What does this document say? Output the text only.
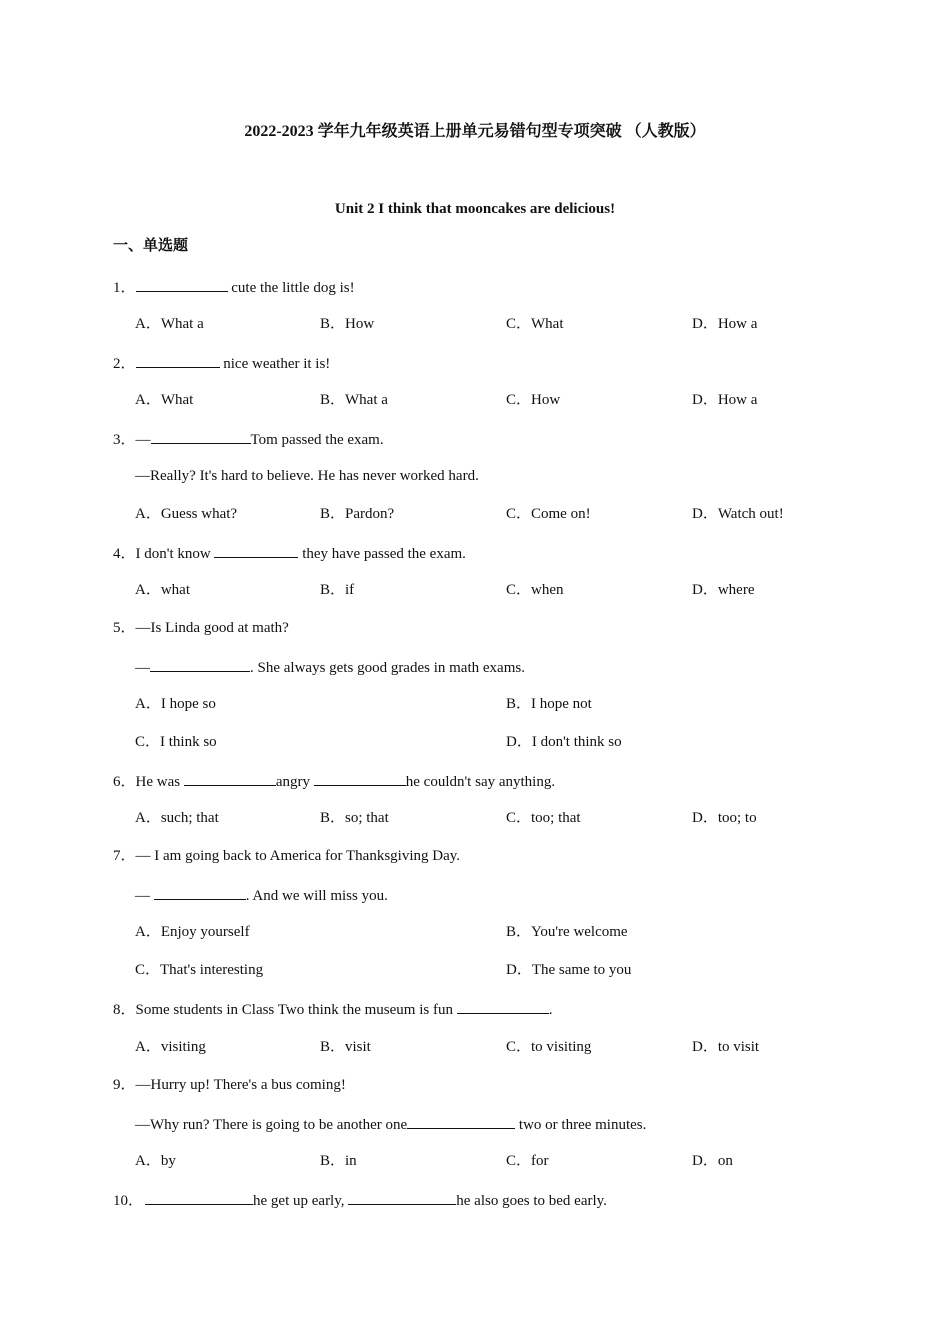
2022-2023 学年九年级英语上册单元易错句型专项突破 （人教版）
Unit 2 I think that mooncakes are delicious!
一、单选题
1．	cute the little dog is!
A．What a	B．How	C．What	D．How a
2．	nice weather it is!
A．What	B．What a	C．How	D．How a
3．—	Tom passed the exam.
—Really? It's hard to believe. He has never worked hard.
A．Guess what?	B．Pardon?	C．Come on!	D．Watch out!
4．I don't know	they have passed the exam.
A．what	B．if	C．when	D．where
5．—Is Linda good at math?
—	. She always gets good grades in math exams.
A．I hope so	B．I hope not
C．I think so	D．I don't think so
6．He was	angry	he couldn't say anything.
A．such; that	B．so; that	C．too; that	D．too; to
7．— I am going back to America for Thanksgiving Day.
—	. And we will miss you.
A．Enjoy yourself	B．You're welcome
C．That's interesting	D．The same to you
8．Some students in Class Two think the museum is fun	.
A．visiting	B．visit	C．to visiting	D．to visit
9．—Hurry up! There's a bus coming!
—Why run? There is going to be another one	two or three minutes.
A．by	B．in	C．for	D．on
10．	he get up early,	he also goes to bed early.
